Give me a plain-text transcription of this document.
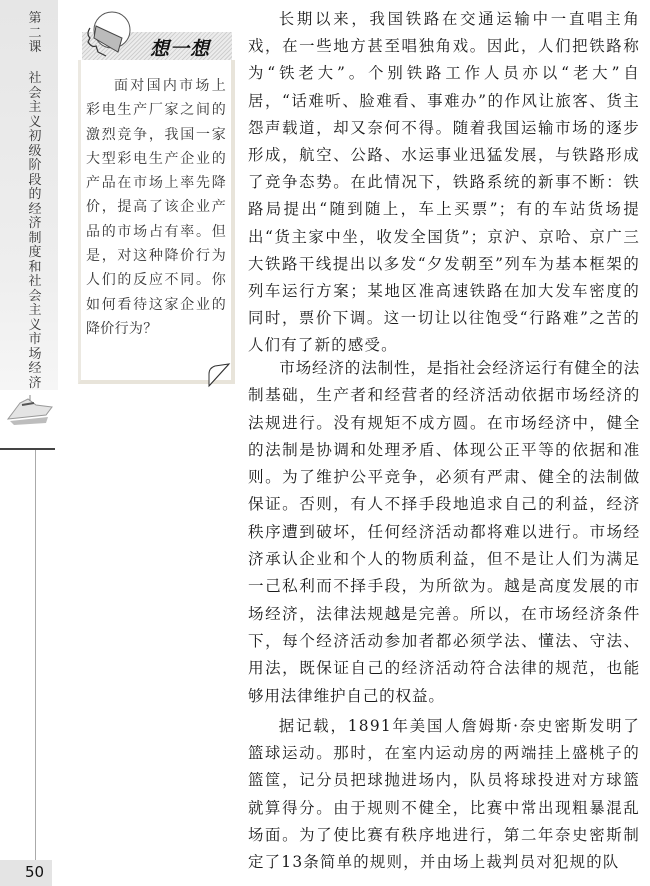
第二课
社会主义初级阶段的经济制度和社会主义市场经济
50
想一想
面对国内市场上彩电生产厂家之间的激烈竞争，我国一家大型彩电生产企业的产品在市场上率先降价，提高了该企业产品的市场占有率。但是，对这种降价行为人们的反应不同。你如何看待这家企业的降价行为？
长期以来，我国铁路在交通运输中一直唱主角戏，在一些地方甚至唱独角戏。因此，人们把铁路称为“铁老大”。个别铁路工作人员亦以“老大”自居，“话难听、脸难看、事难办”的作风让旅客、货主怨声载道，却又奈何不得。随着我国运输市场的逐步形成，航空、公路、水运事业迅猛发展，与铁路形成了竞争态势。在此情况下，铁路系统的新事不断：铁路局提出“随到随上，车上买票”；有的车站货场提出“货主家中坐，收发全国货”；京沪、京哈、京广三大铁路干线提出以多发“夕发朝至”列车为基本框架的列车运行方案；某地区准高速铁路在加大发车密度的同时，票价下调。这一切让以往饱受“行路难”之苦的人们有了新的感受。
市场经济的法制性，是指社会经济运行有健全的法制基础，生产者和经营者的经济活动依据市场经济的法规进行。没有规矩不成方圆。在市场经济中，健全的法制是协调和处理矛盾、体现公正平等的依据和准则。为了维护公平竞争，必须有严肃、健全的法制做保证。否则，有人不择手段地追求自己的利益，经济秩序遭到破坏，任何经济活动都将难以进行。市场经济承认企业和个人的物质利益，但不是让人们为满足一己私利而不择手段，为所欲为。越是高度发展的市场经济，法律法规越是完善。所以，在市场经济条件下，每个经济活动参加者都必须学法、懂法、守法、用法，既保证自己的经济活动符合法律的规范，也能够用法律维护自己的权益。
据记载，1891年美国人詹姆斯·奈史密斯发明了篮球运动。那时，在室内运动房的两端挂上盛桃子的篮筐，记分员把球抛进场内，队员将球投进对方球篮就算得分。由于规则不健全，比赛中常出现粗暴混乱场面。为了使比赛有秩序地进行，第二年奈史密斯制定了13条简单的规则，并由场上裁判员对犯规的队
